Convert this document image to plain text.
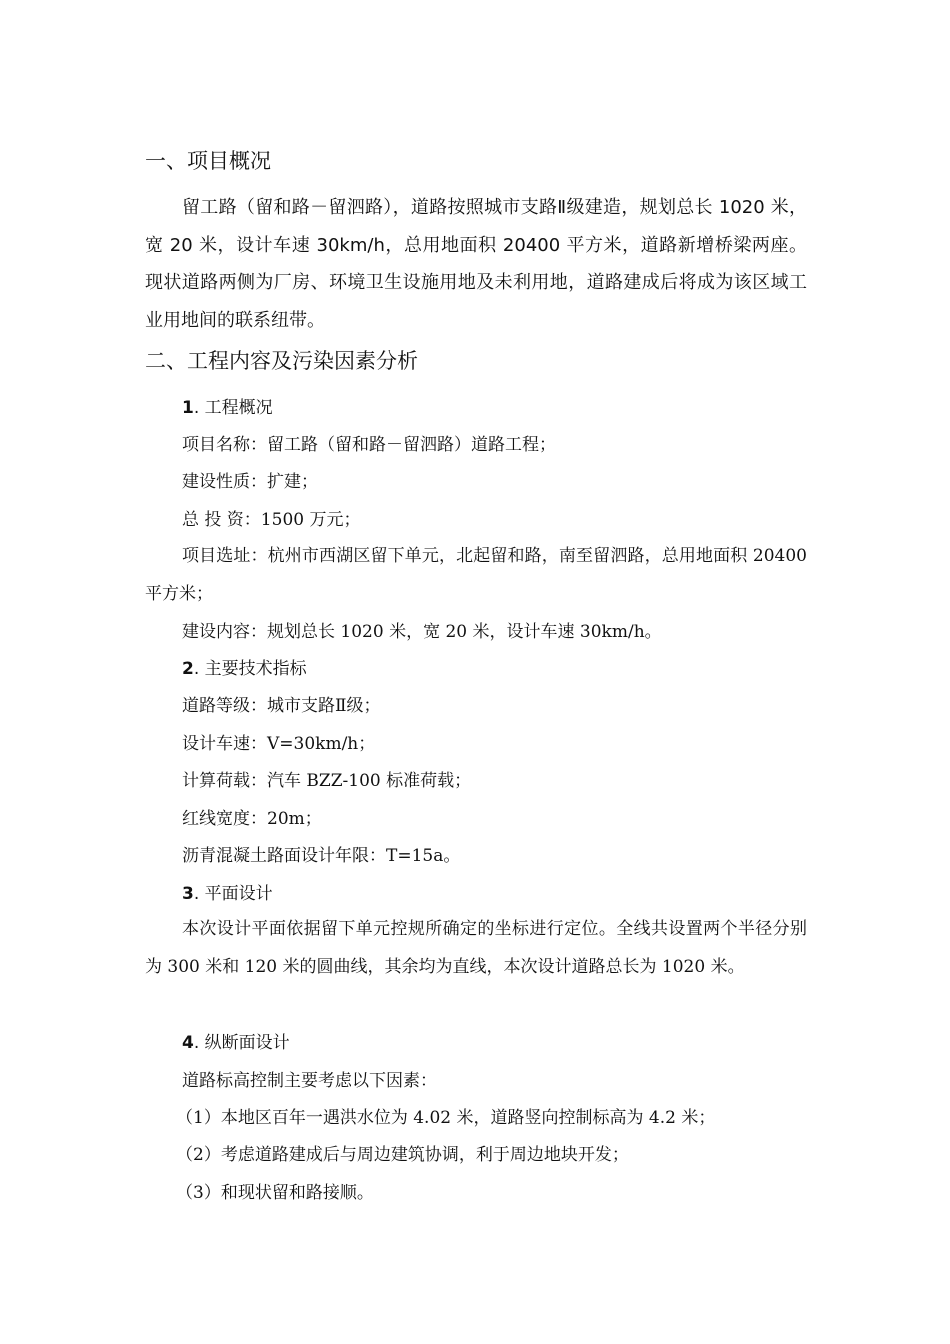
一、项目概况
留工路（留和路－留泗路），道路按照城市支路Ⅱ级建造，规划总长 1020 米，宽 20 米，设计车速 30km/h，总用地面积 20400 平方米，道路新增桥梁两座。现状道路两侧为厂房、环境卫生设施用地及未利用地，道路建成后将成为该区域工业用地间的联系纽带。
二、工程内容及污染因素分析
1. 工程概况
项目名称：留工路（留和路－留泗路）道路工程；
建设性质：扩建；
总 投 资：1500 万元；
项目选址：杭州市西湖区留下单元，北起留和路，南至留泗路，总用地面积 20400 平方米；
建设内容：规划总长 1020 米，宽 20 米，设计车速 30km/h。
2. 主要技术指标
道路等级：城市支路Ⅱ级；
设计车速：V=30km/h；
计算荷载：汽车 BZZ-100 标准荷载；
红线宽度：20m；
沥青混凝土路面设计年限：T=15a。
3. 平面设计
本次设计平面依据留下单元控规所确定的坐标进行定位。全线共设置两个半径分别为 300 米和 120 米的圆曲线，其余均为直线，本次设计道路总长为 1020 米。
4. 纵断面设计
道路标高控制主要考虑以下因素：
（1）本地区百年一遇洪水位为 4.02 米，道路竖向控制标高为 4.2 米；
（2）考虑道路建成后与周边建筑协调，利于周边地块开发；
（3）和现状留和路接顺。
